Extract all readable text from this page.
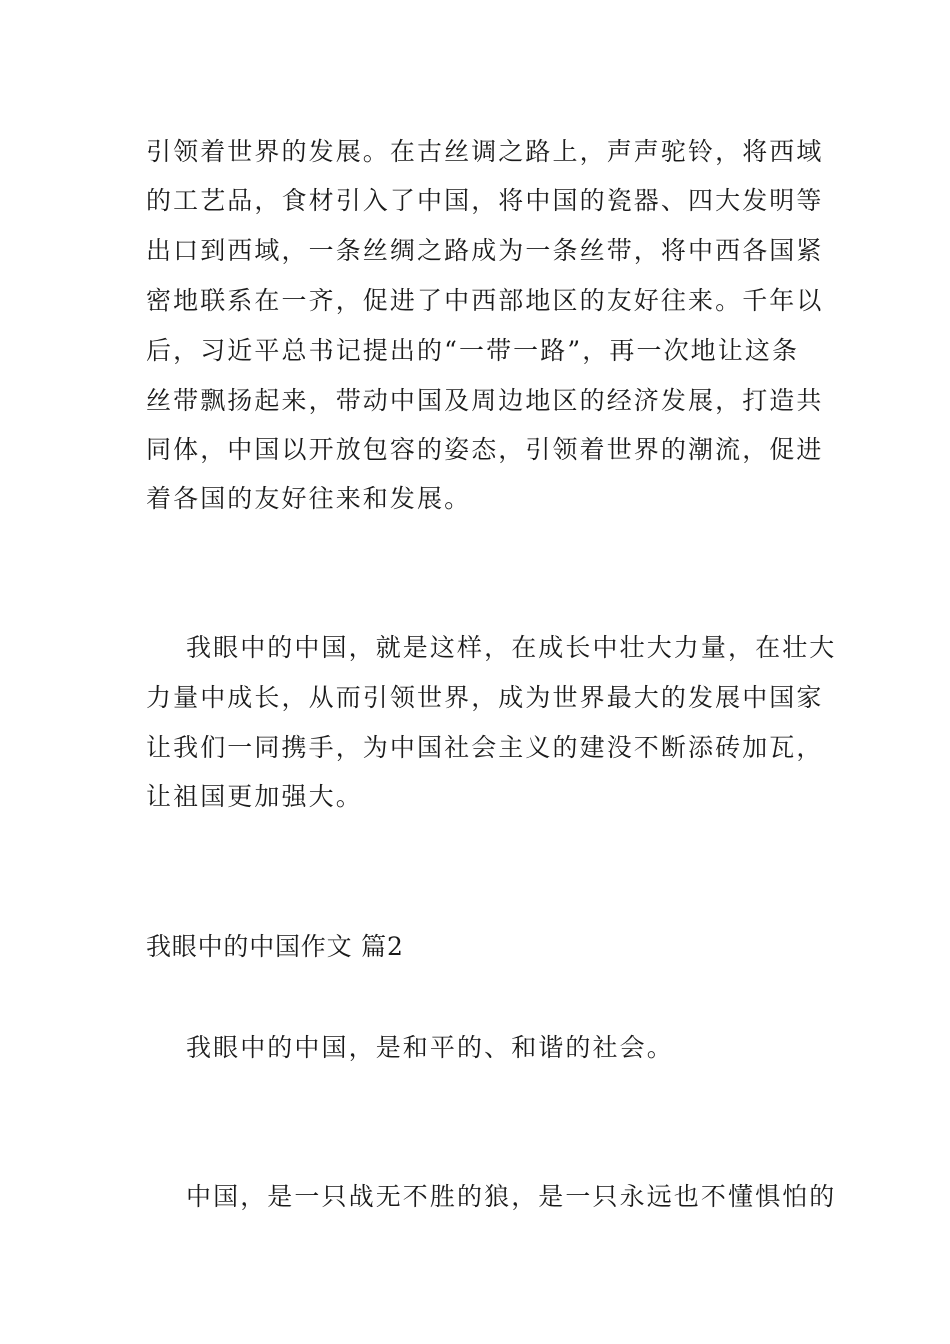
引领着世界的发展。在古丝调之路上，声声驼铃，将西域
的工艺品，食材引入了中国，将中国的瓷器、四大发明等
出口到西域，一条丝绸之路成为一条丝带，将中西各国紧
密地联系在一齐，促进了中西部地区的友好往来。千年以
后，习近平总书记提出的“一带一路”，再一次地让这条
丝带飘扬起来，带动中国及周边地区的经济发展，打造共
同体，中国以开放包容的姿态，引领着世界的潮流，促进
着各国的友好往来和发展。
我眼中的中国，就是这样，在成长中壮大力量，在壮大
力量中成长，从而引领世界，成为世界最大的发展中国家
让我们一同携手，为中国社会主义的建没不断添砖加瓦，
让祖国更加强大。
我眼中的中国作文 篇2
我眼中的中国，是和平的、和谐的社会。
中国，是一只战无不胜的狼，是一只永远也不懂惧怕的
